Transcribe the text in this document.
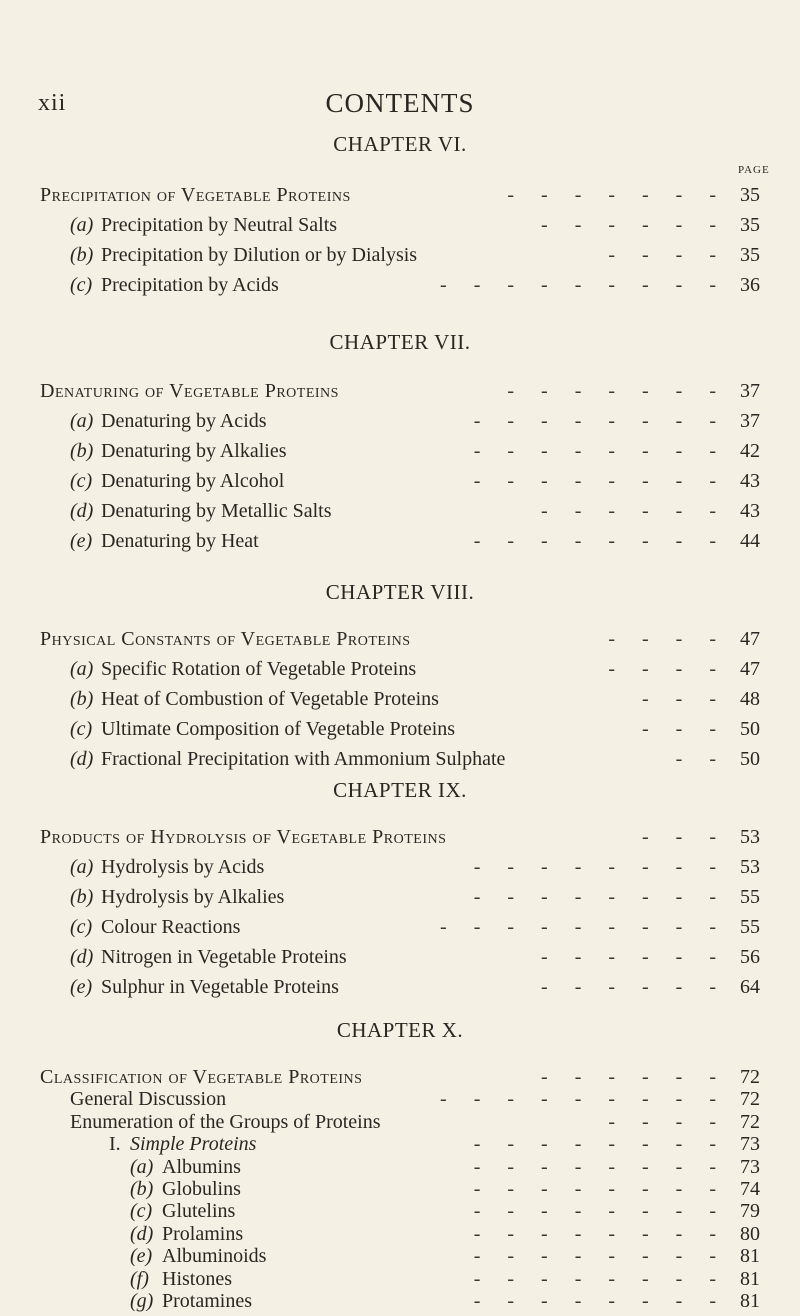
xii	CONTENTS
CHAPTER VI.
PAGE
Precipitation of Vegetable Proteins	- - - - - - - 35
(a) Precipitation by Neutral Salts	- - - - - - 35
(b) Precipitation by Dilution or by Dialysis	- - - - 35
(c) Precipitation by Acids	- - - - - - - - - 36
CHAPTER VII.
Denaturing of Vegetable Proteins	- - - - - - - 37
(a) Denaturing by Acids	- - - - - - - - 37
(b) Denaturing by Alkalies	- - - - - - - - 42
(c) Denaturing by Alcohol	- - - - - - - - 43
(d) Denaturing by Metallic Salts	- - - - - - 43
(e) Denaturing by Heat	- - - - - - - - 44
CHAPTER VIII.
Physical Constants of Vegetable Proteins	- - - - 47
(a) Specific Rotation of Vegetable Proteins	- - - - 47
(b) Heat of Combustion of Vegetable Proteins	- - - 48
(c) Ultimate Composition of Vegetable Proteins	- - - 50
(d) Fractional Precipitation with Ammonium Sulphate	- - 50
CHAPTER IX.
Products of Hydrolysis of Vegetable Proteins	- - - 53
(a) Hydrolysis by Acids	- - - - - - - - 53
(b) Hydrolysis by Alkalies	- - - - - - - - 55
(c) Colour Reactions	- - - - - - - - - 55
(d) Nitrogen in Vegetable Proteins	- - - - - - 56
(e) Sulphur in Vegetable Proteins	- - - - - - 64
CHAPTER X.
Classification of Vegetable Proteins	- - - - - - 72
General Discussion	- - - - - - - - - 72
Enumeration of the Groups of Proteins	- - - - 72
I. Simple Proteins	- - - - - - - - 73
(a) Albumins	- - - - - - - - 73
(b) Globulins	- - - - - - - - 74
(c) Glutelins	- - - - - - - - 79
(d) Prolamins	- - - - - - - - 80
(e) Albuminoids	- - - - - - - - 81
(f) Histones	- - - - - - - - 81
(g) Protamines	- - - - - - - - 81
